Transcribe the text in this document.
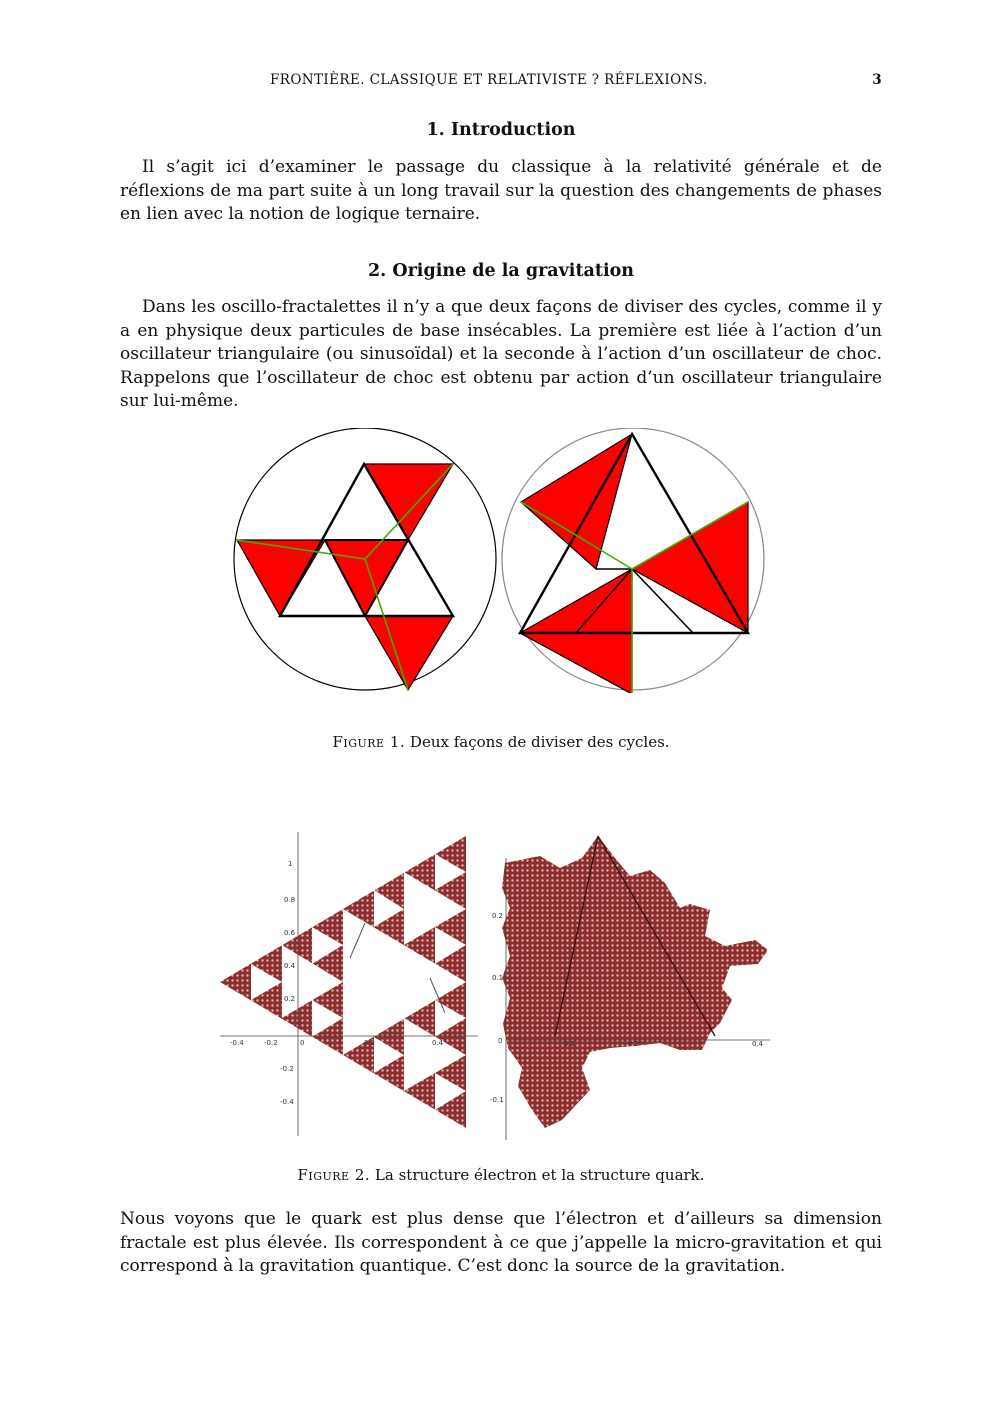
FRONTIÈRE. CLASSIQUE ET RELATIVISTE ? RÉFLEXIONS.	3
1. Introduction

Il s’agit ici d’examiner le passage du classique à la relativité générale et de réflexions de ma part suite à un long travail sur la question des changements de phases en lien avec la notion de logique ternaire.

2. Origine de la gravitation

Dans les oscillo-fractalettes il n’y a que deux façons de diviser des cycles, comme il y a en physique deux particules de base insécables. La première est liée à l’action d’un oscillateur triangulaire (ou sinusoïdal) et la seconde à l’action d’un oscillateur de choc. Rappelons que l’oscillateur de choc est obtenu par action d’un oscillateur triangulaire sur lui-même.

Figure 1. Deux façons de diviser des cycles.
-0.4	-0.2	0	0.2	0.4
1
0.8
0.6
0.4
0.2
-0.2
-0.4
0.2	0.3	0.4
0.2
0.1
0
-0.1
Figure 2. La structure électron et la structure quark.

Nous voyons que le quark est plus dense que l’électron et d’ailleurs sa dimension fractale est plus élevée. Ils correspondent à ce que j’appelle la micro-gravitation et qui correspond à la gravitation quantique. C’est donc la source de la gravitation.
